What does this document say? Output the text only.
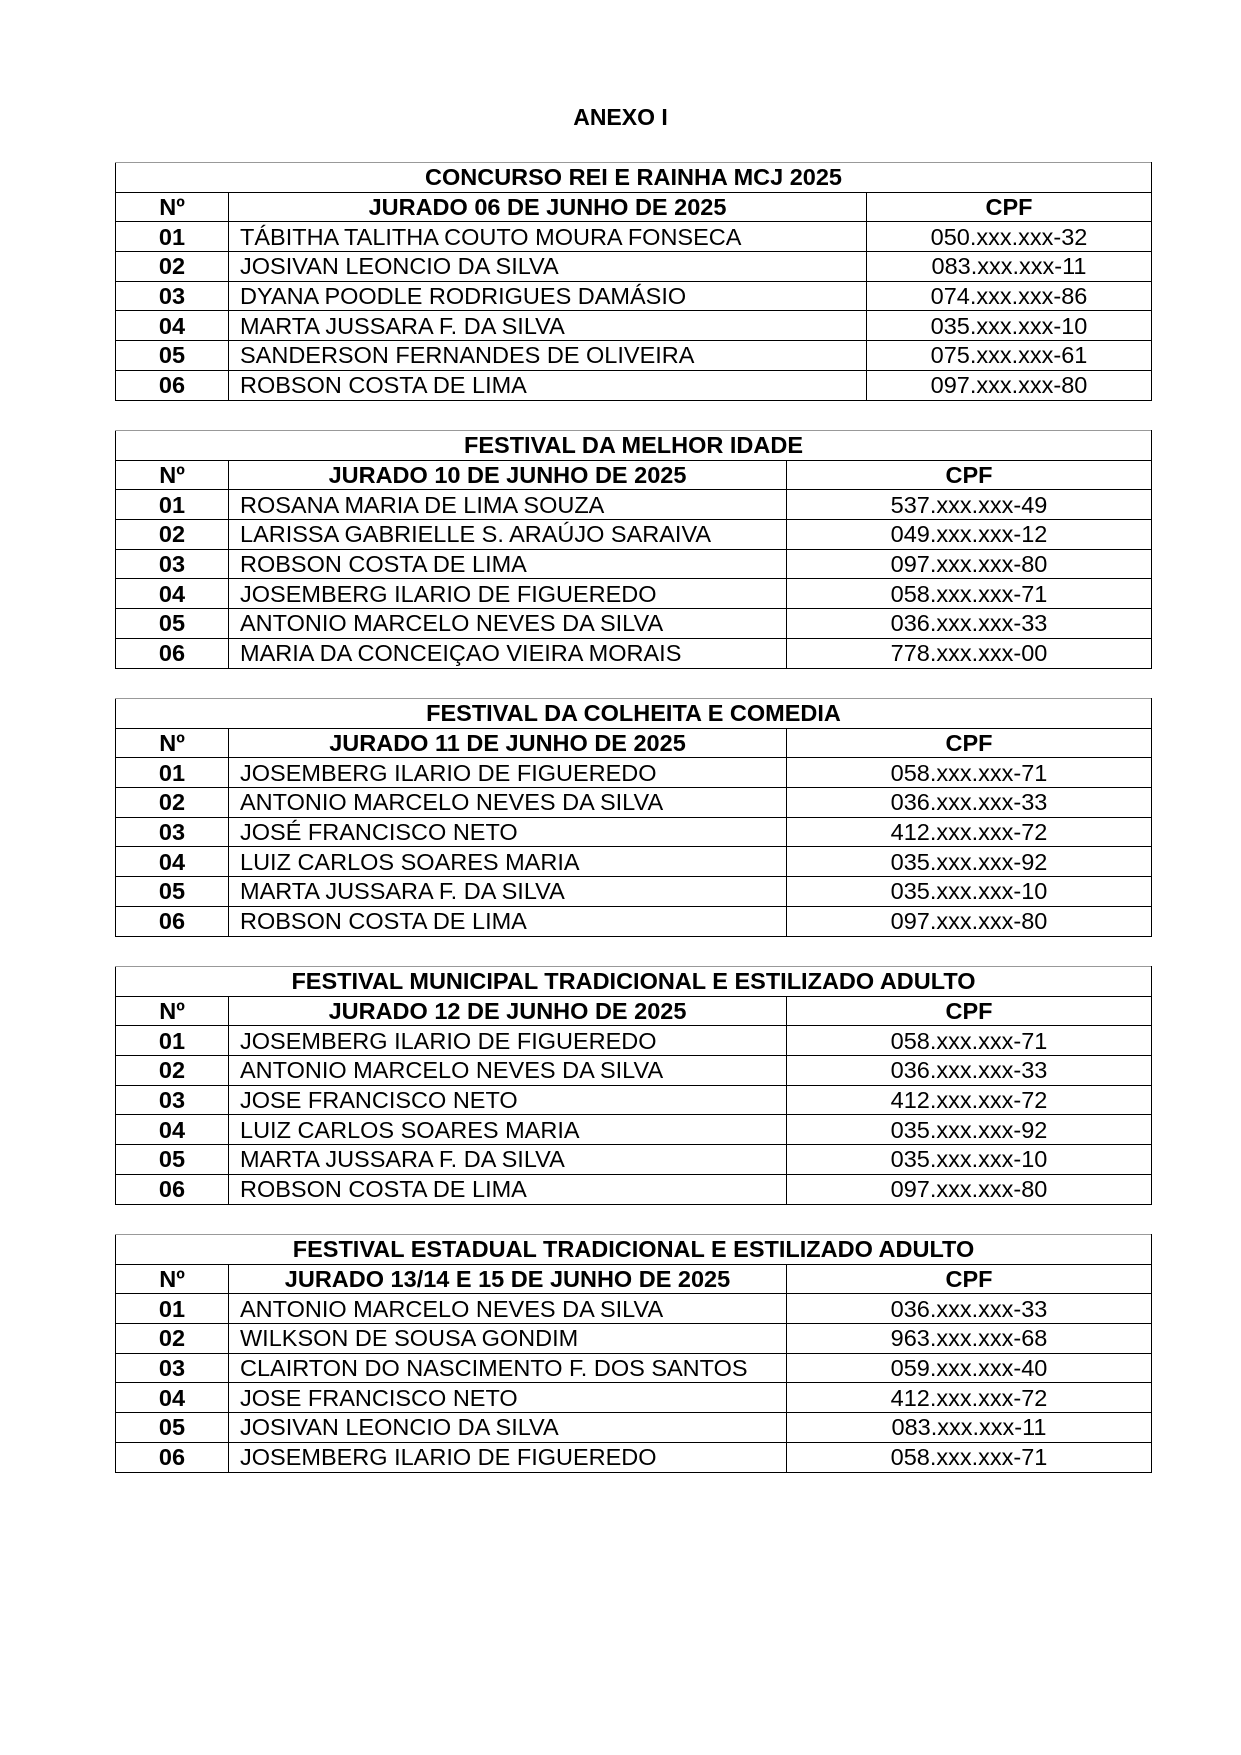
ANEXO I
CONCURSO REI E RAINHA MCJ 2025		
Nº	JURADO 06 DE JUNHO DE 2025	CPF
01	TÁBITHA TALITHA COUTO MOURA FONSECA	050.xxx.xxx-32
02	JOSIVAN LEONCIO DA SILVA	083.xxx.xxx-11
03	DYANA POODLE RODRIGUES DAMÁSIO	074.xxx.xxx-86
04	MARTA JUSSARA F. DA SILVA	035.xxx.xxx-10
05	SANDERSON FERNANDES DE OLIVEIRA	075.xxx.xxx-61
06	ROBSON COSTA DE LIMA	097.xxx.xxx-80
FESTIVAL DA MELHOR IDADE		
Nº	JURADO 10 DE JUNHO DE 2025	CPF
01	ROSANA MARIA DE LIMA SOUZA	537.xxx.xxx-49
02	LARISSA GABRIELLE S. ARAÚJO SARAIVA	049.xxx.xxx-12
03	ROBSON COSTA DE LIMA	097.xxx.xxx-80
04	JOSEMBERG ILARIO DE FIGUEREDO	058.xxx.xxx-71
05	ANTONIO MARCELO NEVES DA SILVA	036.xxx.xxx-33
06	MARIA DA CONCEIÇAO VIEIRA MORAIS	778.xxx.xxx-00
FESTIVAL DA COLHEITA E COMEDIA		
Nº	JURADO 11 DE JUNHO DE 2025	CPF
01	JOSEMBERG ILARIO DE FIGUEREDO	058.xxx.xxx-71
02	ANTONIO MARCELO NEVES DA SILVA	036.xxx.xxx-33
03	JOSÉ FRANCISCO NETO	412.xxx.xxx-72
04	LUIZ CARLOS SOARES MARIA	035.xxx.xxx-92
05	MARTA JUSSARA F. DA SILVA	035.xxx.xxx-10
06	ROBSON COSTA DE LIMA	097.xxx.xxx-80
FESTIVAL MUNICIPAL TRADICIONAL E ESTILIZADO ADULTO		
Nº	JURADO 12 DE JUNHO DE 2025	CPF
01	JOSEMBERG ILARIO DE FIGUEREDO	058.xxx.xxx-71
02	ANTONIO MARCELO NEVES DA SILVA	036.xxx.xxx-33
03	JOSE FRANCISCO NETO	412.xxx.xxx-72
04	LUIZ CARLOS SOARES MARIA	035.xxx.xxx-92
05	MARTA JUSSARA F. DA SILVA	035.xxx.xxx-10
06	ROBSON COSTA DE LIMA	097.xxx.xxx-80
FESTIVAL ESTADUAL TRADICIONAL E ESTILIZADO ADULTO		
Nº	JURADO 13/14 E 15 DE JUNHO DE 2025	CPF
01	ANTONIO MARCELO NEVES DA SILVA	036.xxx.xxx-33
02	WILKSON DE SOUSA GONDIM	963.xxx.xxx-68
03	CLAIRTON DO NASCIMENTO F. DOS SANTOS	059.xxx.xxx-40
04	JOSE FRANCISCO NETO	412.xxx.xxx-72
05	JOSIVAN LEONCIO DA SILVA	083.xxx.xxx-11
06	JOSEMBERG ILARIO DE FIGUEREDO	058.xxx.xxx-71
